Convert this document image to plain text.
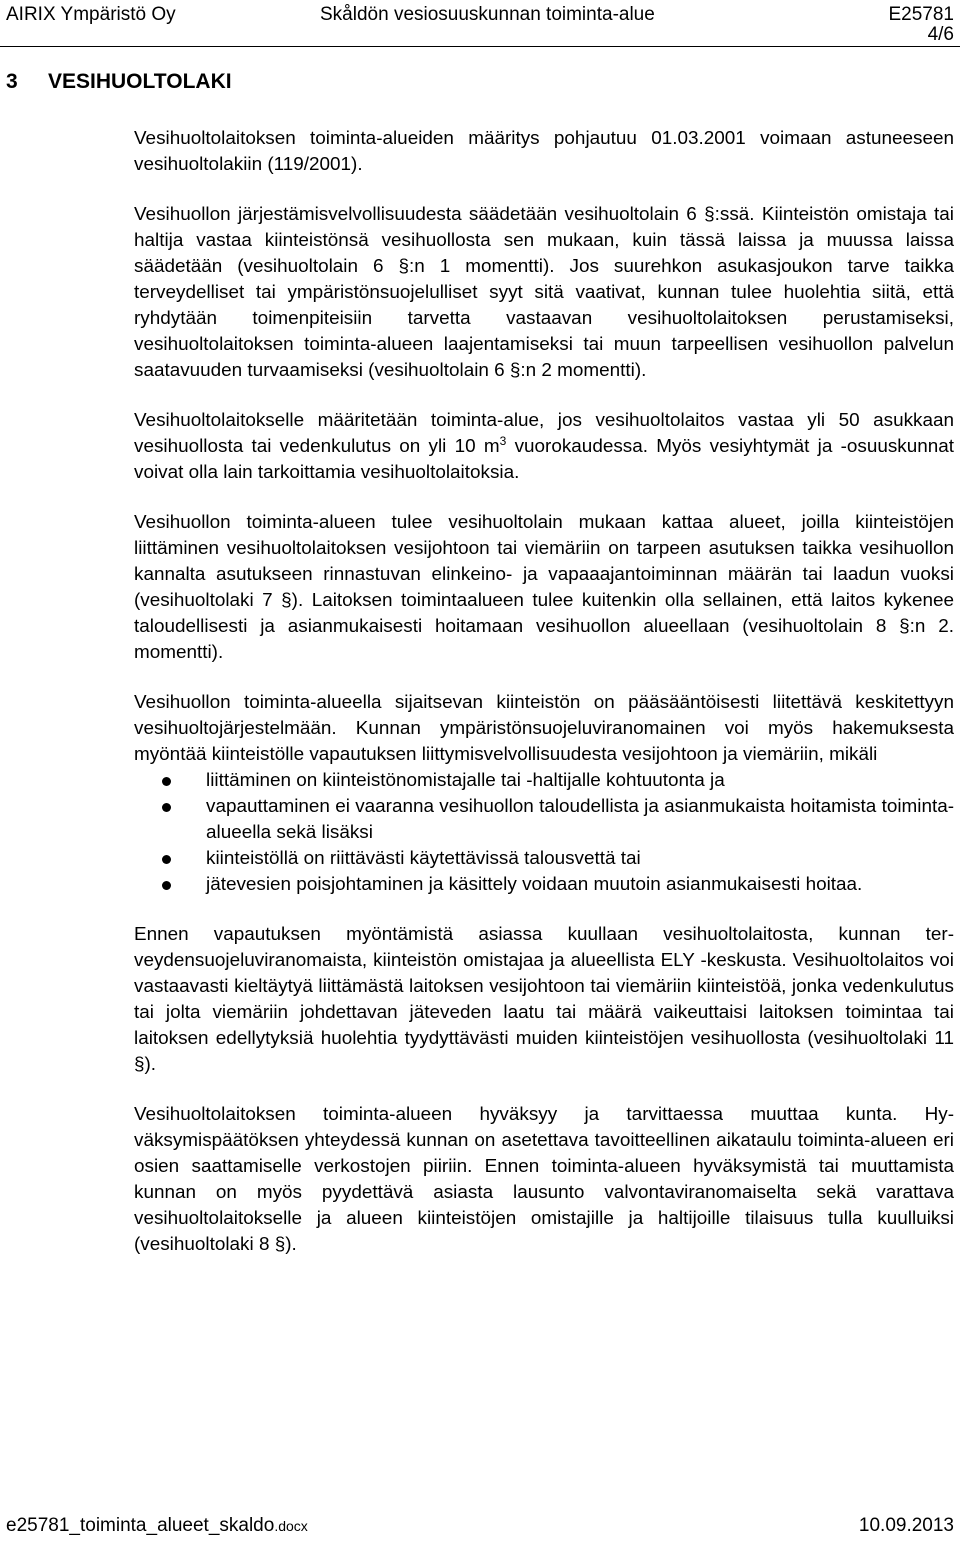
AIRIX Ympäristö Oy	Skåldön vesiosuuskunnan toiminta-alue	E25781
4/6
3 VESIHUOLTOLAKI

Vesihuoltolaitoksen toiminta-alueiden määritys pohjautuu 01.03.2001 voimaan astuneeseen vesihuoltolakiin (119/2001).

Vesihuollon järjestämisvelvollisuudesta säädetään vesihuoltolain 6 §:ssä. Kiinteistön omistaja tai haltija vastaa kiinteistönsä vesihuollosta sen mukaan, kuin tässä laissa ja muussa laissa säädetään (vesihuoltolain 6 §:n 1 momentti). Jos suurehkon asukasjoukon tarve taikka terveydelliset tai ympäristönsuojelulliset syyt sitä vaativat, kunnan tulee huolehtia siitä, että ryhdytään toimenpiteisiin tarvetta vastaavan vesihuoltolaitoksen perustamiseksi, vesihuoltolaitoksen toiminta-alueen laajentamiseksi tai muun tarpeellisen vesihuollon palvelun saatavuuden turvaamiseksi (vesihuoltolain 6 §:n 2 momentti).

Vesihuoltolaitokselle määritetään toiminta-alue, jos vesihuoltolaitos vastaa yli 50 asukkaan vesihuollosta tai vedenkulutus on yli 10 $m^3$ vuorokaudessa. Myös vesiyhtymät ja -osuuskunnat voivat olla lain tarkoittamia vesihuoltolaitoksia.

Vesihuollon toiminta-alueen tulee vesihuoltolain mukaan kattaa alueet, joilla kiinteistöjen liittäminen vesihuoltolaitoksen vesijohtoon tai viemäriin on tarpeen asutuksen taikka vesihuollon kannalta asutukseen rinnastuvan elinkeino- ja vapaaajantoiminnan määrän tai laadun vuoksi (vesihuoltolaki 7 §). Laitoksen toimintaalueen tulee kuitenkin olla sellainen, että laitos kykenee taloudellisesti ja asianmukaisesti hoitamaan vesihuollon alueellaan (vesihuoltolain 8 §:n 2. momentti).

Vesihuollon toiminta-alueella sijaitsevan kiinteistön on pääsääntöisesti liitettävä keskitettyyn vesihuoltojärjestelmään. Kunnan ympäristönsuojeluviranomainen voi myös hakemuksesta myöntää kiinteistölle vapautuksen liittymisvelvollisuudesta vesijohtoon ja viemäriin, mikäli

liittäminen on kiinteistönomistajalle tai -haltijalle kohtuutonta ja
vapauttaminen ei vaaranna vesihuollon taloudellista ja asianmukaista hoitamista toiminta-alueella sekä lisäksi
kiinteistöllä on riittävästi käytettävissä talousvettä tai
jätevesien poisjohtaminen ja käsittely voidaan muutoin asianmukaisesti hoitaa.

Ennen vapautuksen myöntämistä asiassa kuullaan vesihuoltolaitosta, kunnan terveydensuojeluviranomaista, kiinteistön omistajaa ja alueellista ELY -keskusta. Vesihuoltolaitos voi vastaavasti kieltäytyä liittämästä laitoksen vesijohtoon tai viemäriin kiinteistöä, jonka vedenkulutus tai jolta viemäriin johdettavan jäteveden laatu tai määrä vaikeuttaisi laitoksen toimintaa tai laitoksen edellytyksiä huolehtia tyydyttävästi muiden kiinteistöjen vesihuollosta (vesihuoltolaki 11 §).

Vesihuoltolaitoksen toiminta-alueen hyväksyy ja tarvittaessa muuttaa kunta. Hyväksymispäätöksen yhteydessä kunnan on asetettava tavoitteellinen aikataulu toiminta-alueen eri osien saattamiselle verkostojen piiriin. Ennen toiminta-alueen hyväksymistä tai muuttamista kunnan on myös pyydettävä asiasta lausunto valvontaviranomaiselta sekä varattava vesihuoltolaitokselle ja alueen kiinteistöjen omistajille ja haltijoille tilaisuus tulla kuulluiksi (vesihuoltolaki 8 §).

e25781_toiminta_alueet_skaldo.docx	10.09.2013
